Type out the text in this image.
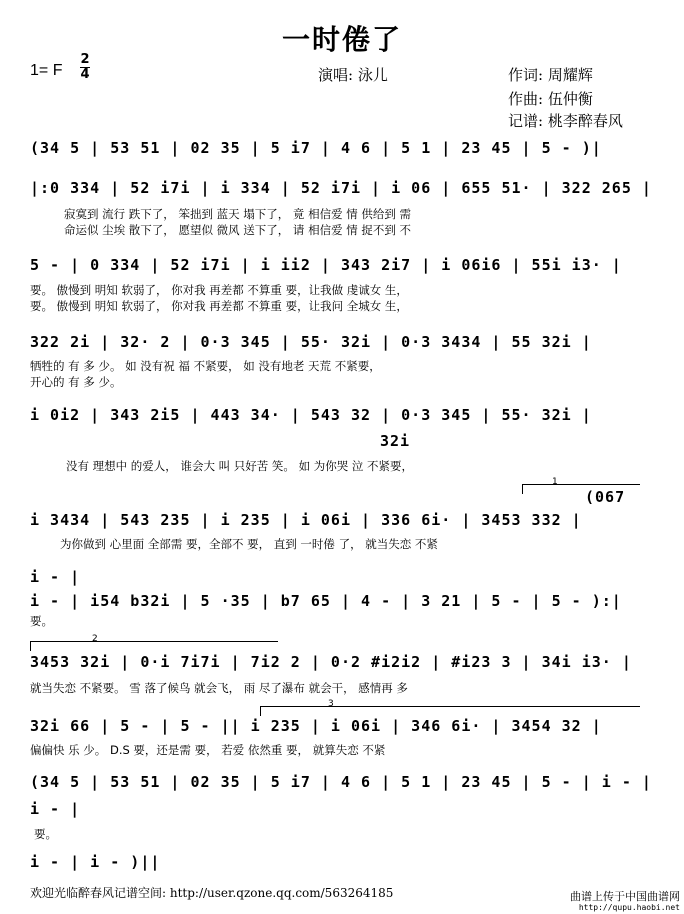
一时倦了
演唱: 泳儿	作词: 周耀辉
作曲: 伍仲衡
记谱: 桃李醉春风
1= F
2
4
(34 5 | 53 51 | 02 35 | 5 i7 | 4 6 | 5 1 | 23 45 | 5 - )|
|:0 334 | 52 i7i | i 334 | 52 i7i | i 06 | 655 51· | 322 265 |
寂寞到 流行 跌下了， 笨拙到 蓝天 塌下了， 竟 相信爱 情 供给到 需
命运似 尘埃 散下了， 愿望似 微风 送下了， 请 相信爱 情 捉不到 不
5 - | 0 334 | 52 i7i | i ii2 | 343 2i7 | i 06i6 | 55i i3· |
要。 傲慢到 明知 软弱了， 你对我 再差都 不算重 要，让我做 虔诚女 生，
要。 傲慢到 明知 软弱了， 你对我 再差都 不算重 要，让我问 全城女 生，
322 2i | 32· 2 | 0·3 345 | 55· 32i | 0·3 3434 | 55 32i |
牺牲的 有 多 少。 如 没有祝 福 不紧要， 如 没有地老 天荒 不紧要，
开心的 有 多 少。
i 0i2 | 343 2i5 | 443 34· | 543 32 | 0·3 345 | 55· 32i |
32i
没有 理想中 的爱人， 谁会大 叫 只好苦 笑。 如 为你哭 泣 不紧要，
1
(067
i 3434 | 543 235 | i 235 | i 06i | 336 6i· | 3453 332 |
为你做到 心里面 全部需 要，全部不 要， 直到 一时倦 了， 就当失恋 不紧
i - |
i - | i54 b32i | 5 ·35 | b7 65 | 4 - | 3 21 | 5 - | 5 - ):|
要。
2
3453 32i | 0·i 7i7i | 7i2 2 | 0·2 #i2i2 | #i23 3 | 34i i3· |
就当失恋 不紧要。 雪 落了候鸟 就会飞， 雨 尽了瀑布 就会干， 感情再 多
3
32i 66 | 5 - | 5 - || i 235 | i 06i | 346 6i· | 3454 32 |
偏偏快 乐 少。 D.S 要，还是需 要， 若爱 依然重 要， 就算失恋 不紧
(34 5 | 53 51 | 02 35 | 5 i7 | 4 6 | 5 1 | 23 45 | 5 - | i - |
i - |
要。
i - | i - )||
欢迎光临醉春风记谱空间: http://user.qzone.qq.com/563264185	曲谱上传于中国曲谱网
http://qupu.haobi.net
